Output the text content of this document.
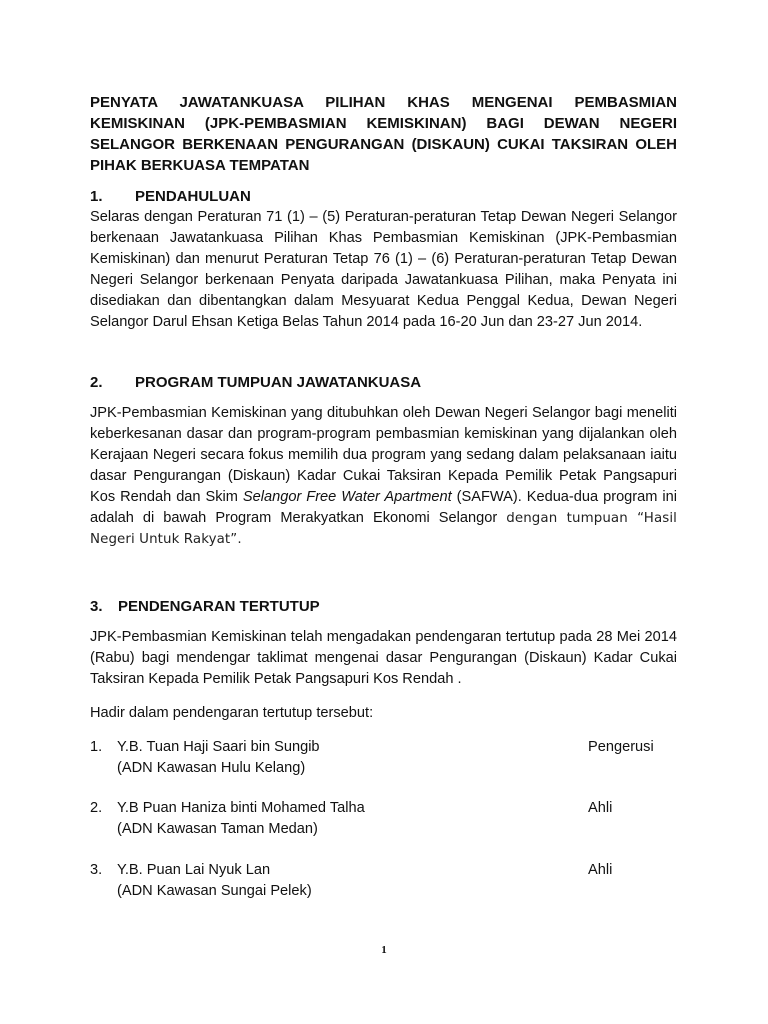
PENYATA JAWATANKUASA PILIHAN KHAS MENGENAI PEMBASMIAN KEMISKINAN (JPK-PEMBASMIAN KEMISKINAN) BAGI DEWAN NEGERI SELANGOR BERKENAAN PENGURANGAN (DISKAUN) CUKAI TAKSIRAN OLEH PIHAK BERKUASA TEMPATAN
1. PENDAHULUAN
Selaras dengan Peraturan 71 (1) – (5) Peraturan-peraturan Tetap Dewan Negeri Selangor berkenaan Jawatankuasa Pilihan Khas Pembasmian Kemiskinan (JPK-Pembasmian Kemiskinan) dan menurut Peraturan Tetap 76 (1) – (6) Peraturan-peraturan Tetap Dewan Negeri Selangor berkenaan Penyata daripada Jawatankuasa Pilihan, maka Penyata ini disediakan dan dibentangkan dalam Mesyuarat Kedua Penggal Kedua, Dewan Negeri Selangor Darul Ehsan Ketiga Belas Tahun 2014 pada 16-20 Jun dan 23-27 Jun 2014.
2. PROGRAM TUMPUAN JAWATANKUASA
JPK-Pembasmian Kemiskinan yang ditubuhkan oleh Dewan Negeri Selangor bagi meneliti keberkesanan dasar dan program-program pembasmian kemiskinan yang dijalankan oleh Kerajaan Negeri secara fokus memilih dua program yang sedang dalam pelaksanaan iaitu dasar Pengurangan (Diskaun) Kadar Cukai Taksiran Kepada Pemilik Petak Pangsapuri Kos Rendah dan Skim Selangor Free Water Apartment (SAFWA). Kedua-dua program ini adalah di bawah Program Merakyatkan Ekonomi Selangor dengan tumpuan “Hasil Negeri Untuk Rakyat”.
3. PENDENGARAN TERTUTUP
JPK-Pembasmian Kemiskinan telah mengadakan pendengaran tertutup pada 28 Mei 2014 (Rabu) bagi mendengar taklimat mengenai dasar Pengurangan (Diskaun) Kadar Cukai Taksiran Kepada Pemilik Petak Pangsapuri Kos Rendah .
Hadir dalam pendengaran tertutup tersebut:
1. Y.B. Tuan Haji Saari bin Sungib
(ADN Kawasan Hulu Kelang)
Pengerusi
2. Y.B Puan Haniza binti Mohamed Talha
(ADN Kawasan Taman Medan)
Ahli
3. Y.B. Puan Lai Nyuk Lan
(ADN Kawasan Sungai Pelek)
Ahli
1
